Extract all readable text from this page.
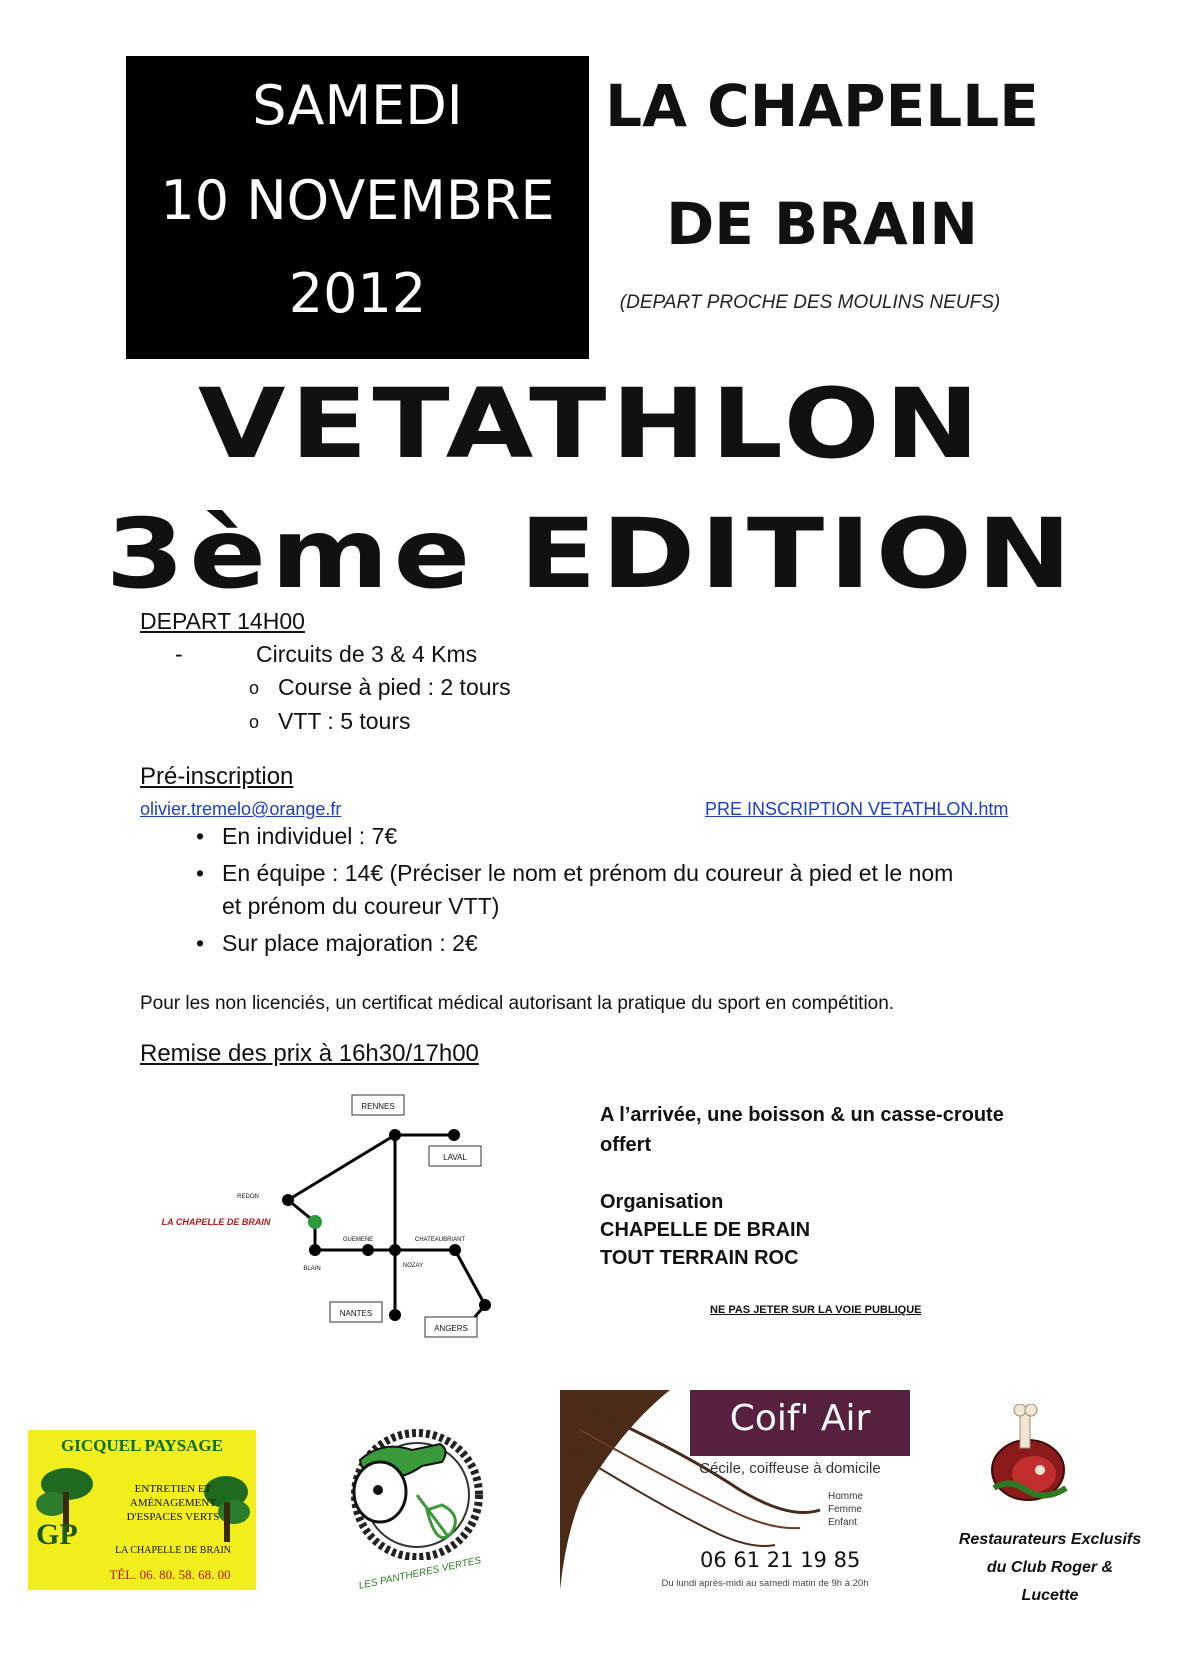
SAMEDI
10 NOVEMBRE
2012
LA CHAPELLE
DE BRAIN
(DEPART PROCHE DES MOULINS NEUFS)
VETATHLON
3ème EDITION
DEPART 14H00
-	Circuits de 3 & 4 Kms
o Course à pied : 2 tours
o VTT : 5 tours
Pré-inscription
olivier.tremelo@orange.fr	PRE INSCRIPTION VETATHLON.htm
• En individuel : 7€
• En équipe : 14€ (Préciser le nom et prénom du coureur à pied et le nom
et prénom du coureur VTT)
• Sur place majoration : 2€
Pour les non licenciés, un certificat médical autorisant la pratique du sport en compétition.
Remise des prix à 16h30/17h00
RENNES
LAVAL
NANTES
ANGERS
REDON
GUEMENE	CHATEAUBRIANT
BLAIN	NOZAY
LA CHAPELLE DE BRAIN
A l’arrivée, une boisson & un casse-croute
offert
Organisation
CHAPELLE DE BRAIN
TOUT TERRAIN ROC
NE PAS JETER SUR LA VOIE PUBLIQUE
GICQUEL PAYSAGE
ENTRETIEN ET
AMÉNAGEMENT
D'ESPACES VERTS
GP	LA CHAPELLE DE BRAIN
TÉL. 06. 80. 58. 68. 00	LES PANTHERES VERTES
Coif' Air
Cécile, coiffeuse à domicile
Homme
Femme
Enfant
06 61 21 19 85
Du lundi après-midi au samedi matin de 9h à 20h
Restaurateurs Exclusifs
du Club Roger &
Lucette
